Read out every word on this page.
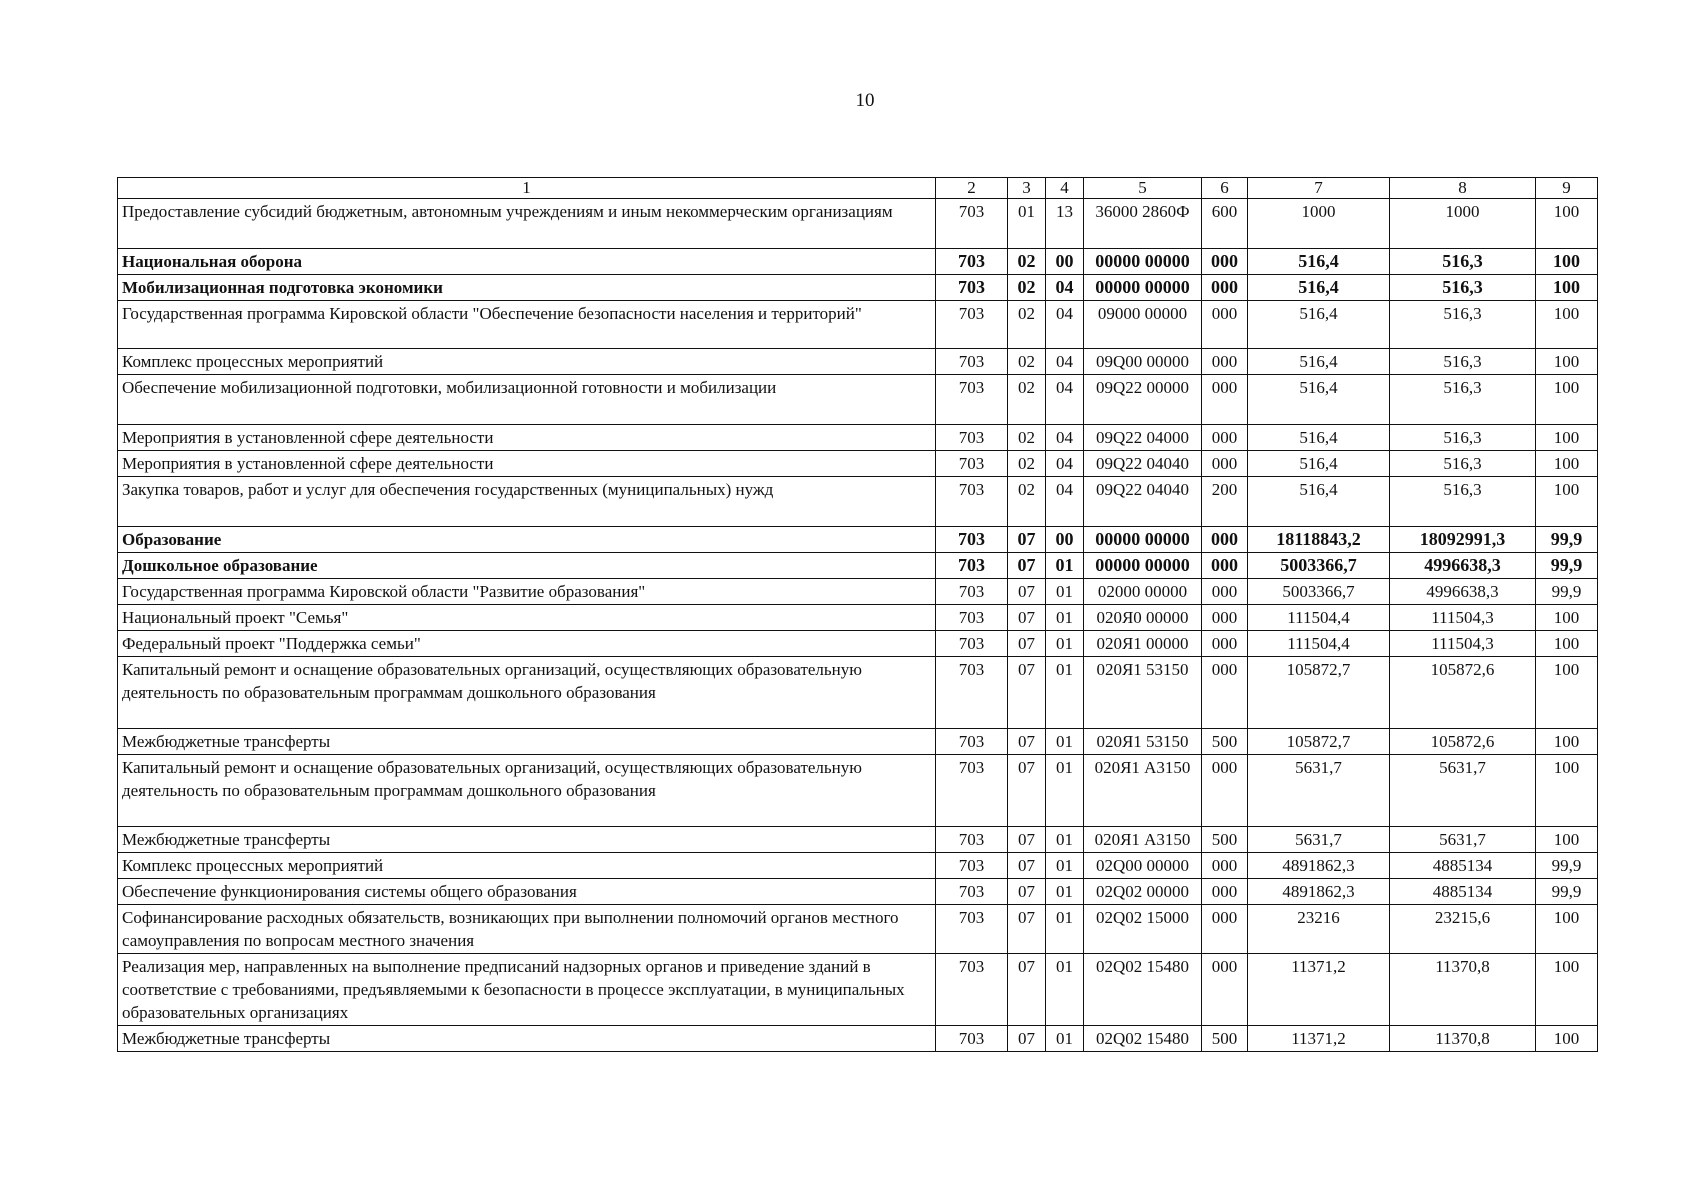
10
1	2	3	4	5	6	7	8	9
Предоставление субсидий бюджетным, автономным учреждениям и иным некоммерческим организациям	703	01	13	36000 2860Ф	600	1000	1000	100
Национальная оборона	703	02	00	00000 00000	000	516,4	516,3	100
Мобилизационная подготовка экономики	703	02	04	00000 00000	000	516,4	516,3	100
Государственная программа Кировской области "Обеспечение безопасности населения и территорий"	703	02	04	09000 00000	000	516,4	516,3	100
Комплекс процессных мероприятий	703	02	04	09Q00 00000	000	516,4	516,3	100
Обеспечение мобилизационной подготовки, мобилизационной готовности и мобилизации	703	02	04	09Q22 00000	000	516,4	516,3	100
Мероприятия в установленной сфере деятельности	703	02	04	09Q22 04000	000	516,4	516,3	100
Мероприятия в установленной сфере деятельности	703	02	04	09Q22 04040	000	516,4	516,3	100
Закупка товаров, работ и услуг для обеспечения государственных (муниципальных) нужд	703	02	04	09Q22 04040	200	516,4	516,3	100
Образование	703	07	00	00000 00000	000	18118843,2	18092991,3	99,9
Дошкольное образование	703	07	01	00000 00000	000	5003366,7	4996638,3	99,9
Государственная программа Кировской области "Развитие образования"	703	07	01	02000 00000	000	5003366,7	4996638,3	99,9
Национальный проект "Семья"	703	07	01	020Я0 00000	000	111504,4	111504,3	100
Федеральный проект "Поддержка семьи"	703	07	01	020Я1 00000	000	111504,4	111504,3	100
Капитальный ремонт и оснащение образовательных организаций, осуществляющих образовательную деятельность по образовательным программам дошкольного образования	703	07	01	020Я1 53150	000	105872,7	105872,6	100
Межбюджетные трансферты	703	07	01	020Я1 53150	500	105872,7	105872,6	100
Капитальный ремонт и оснащение образовательных организаций, осуществляющих образовательную деятельность по образовательным программам дошкольного образования	703	07	01	020Я1 А3150	000	5631,7	5631,7	100
Межбюджетные трансферты	703	07	01	020Я1 А3150	500	5631,7	5631,7	100
Комплекс процессных мероприятий	703	07	01	02Q00 00000	000	4891862,3	4885134	99,9
Обеспечение функционирования системы общего образования	703	07	01	02Q02 00000	000	4891862,3	4885134	99,9
Софинансирование расходных обязательств, возникающих при выполнении полномочий органов местного самоуправления по вопросам местного значения	703	07	01	02Q02 15000	000	23216	23215,6	100
Реализация мер, направленных на выполнение предписаний надзорных органов и приведение зданий в соответствие с требованиями, предъявляемыми к безопасности в процессе эксплуатации, в муниципальных образовательных организациях	703	07	01	02Q02 15480	000	11371,2	11370,8	100
Межбюджетные трансферты	703	07	01	02Q02 15480	500	11371,2	11370,8	100
